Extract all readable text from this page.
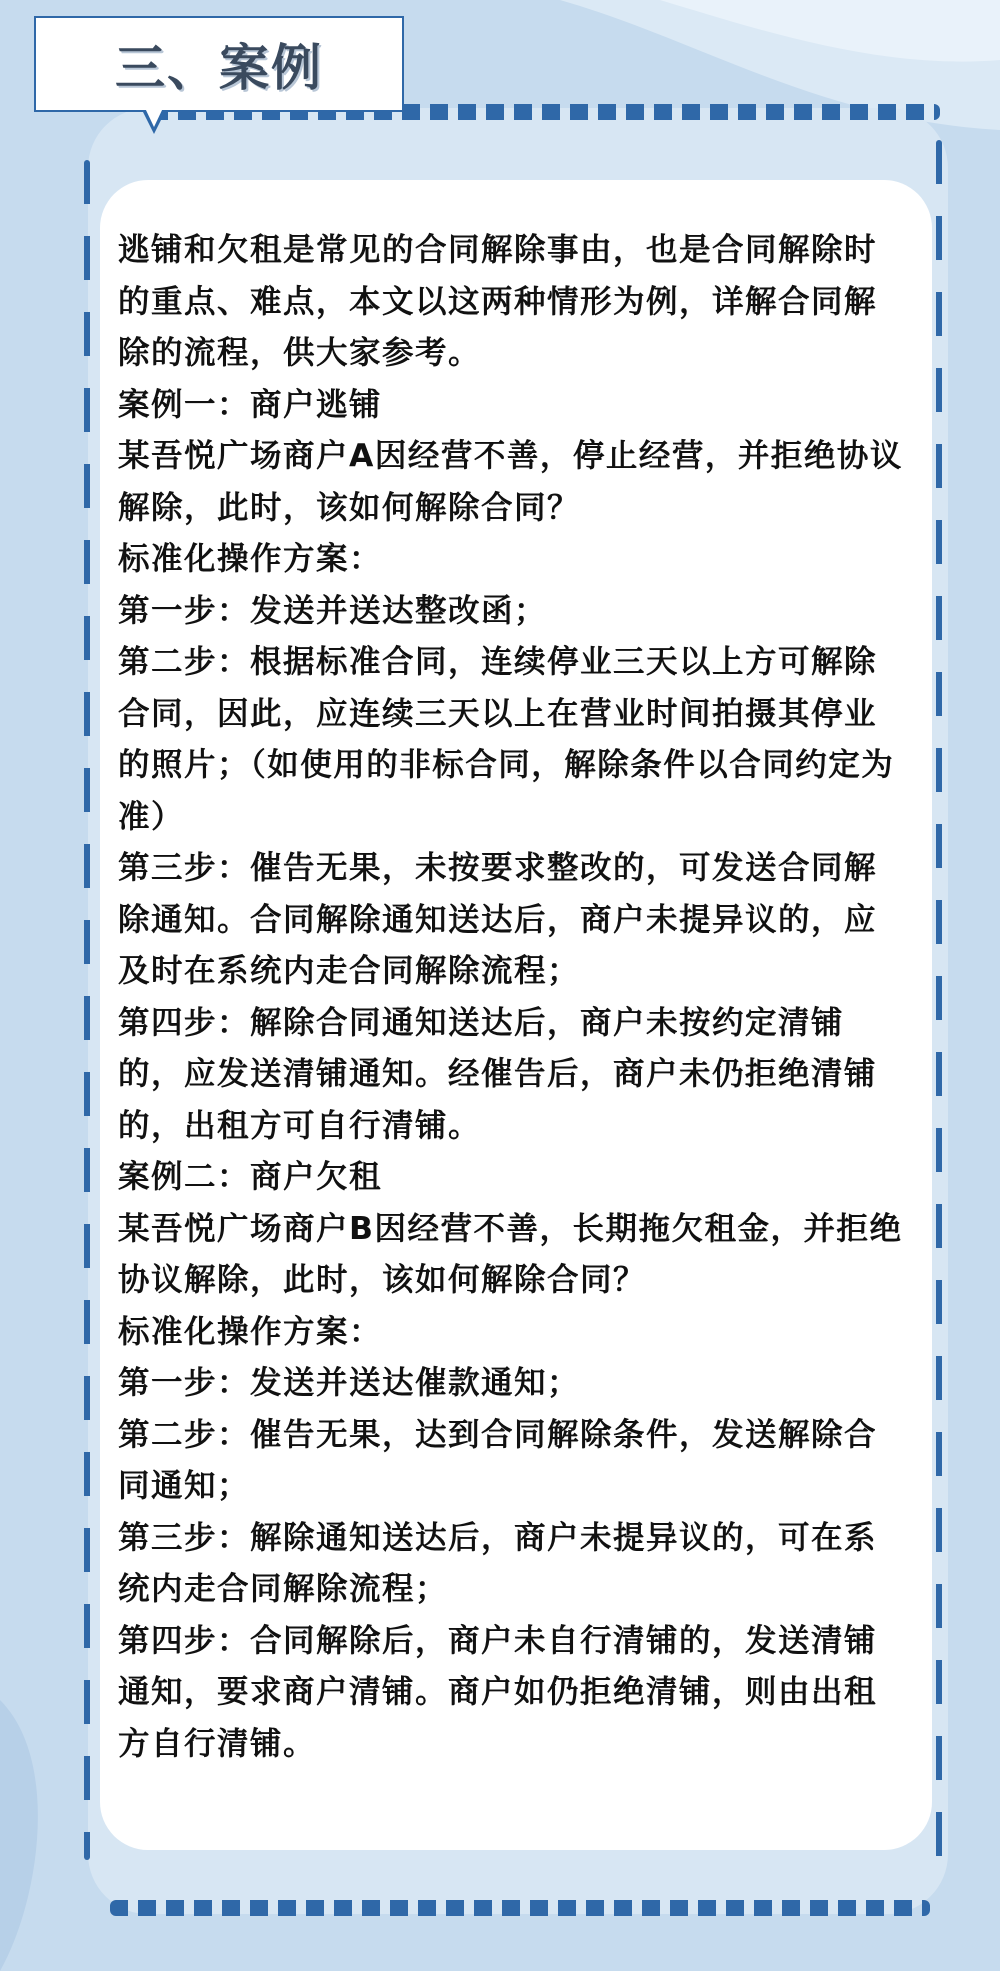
三、案例

逃铺和欠租是常见的合同解除事由，也是合同解除时的重点、难点，本文以这两种情形为例，详解合同解除的流程，供大家参考。

案例一：商户逃铺

某吾悦广场商户A因经营不善，停止经营，并拒绝协议解除，此时，该如何解除合同？

标准化操作方案：

第一步：发送并送达整改函；

第二步：根据标准合同，连续停业三天以上方可解除合同，因此，应连续三天以上在营业时间拍摄其停业的照片；（如使用的非标合同，解除条件以合同约定为准）

第三步：催告无果，未按要求整改的，可发送合同解除通知。合同解除通知送达后，商户未提异议的，应及时在系统内走合同解除流程；

第四步：解除合同通知送达后，商户未按约定清铺的，应发送清铺通知。经催告后，商户未仍拒绝清铺的，出租方可自行清铺。

案例二：商户欠租

某吾悦广场商户B因经营不善，长期拖欠租金，并拒绝协议解除，此时，该如何解除合同？

标准化操作方案：

第一步：发送并送达催款通知；

第二步：催告无果，达到合同解除条件，发送解除合同通知；

第三步：解除通知送达后，商户未提异议的，可在系统内走合同解除流程；

第四步：合同解除后，商户未自行清铺的，发送清铺通知，要求商户清铺。商户如仍拒绝清铺，则由出租方自行清铺。
